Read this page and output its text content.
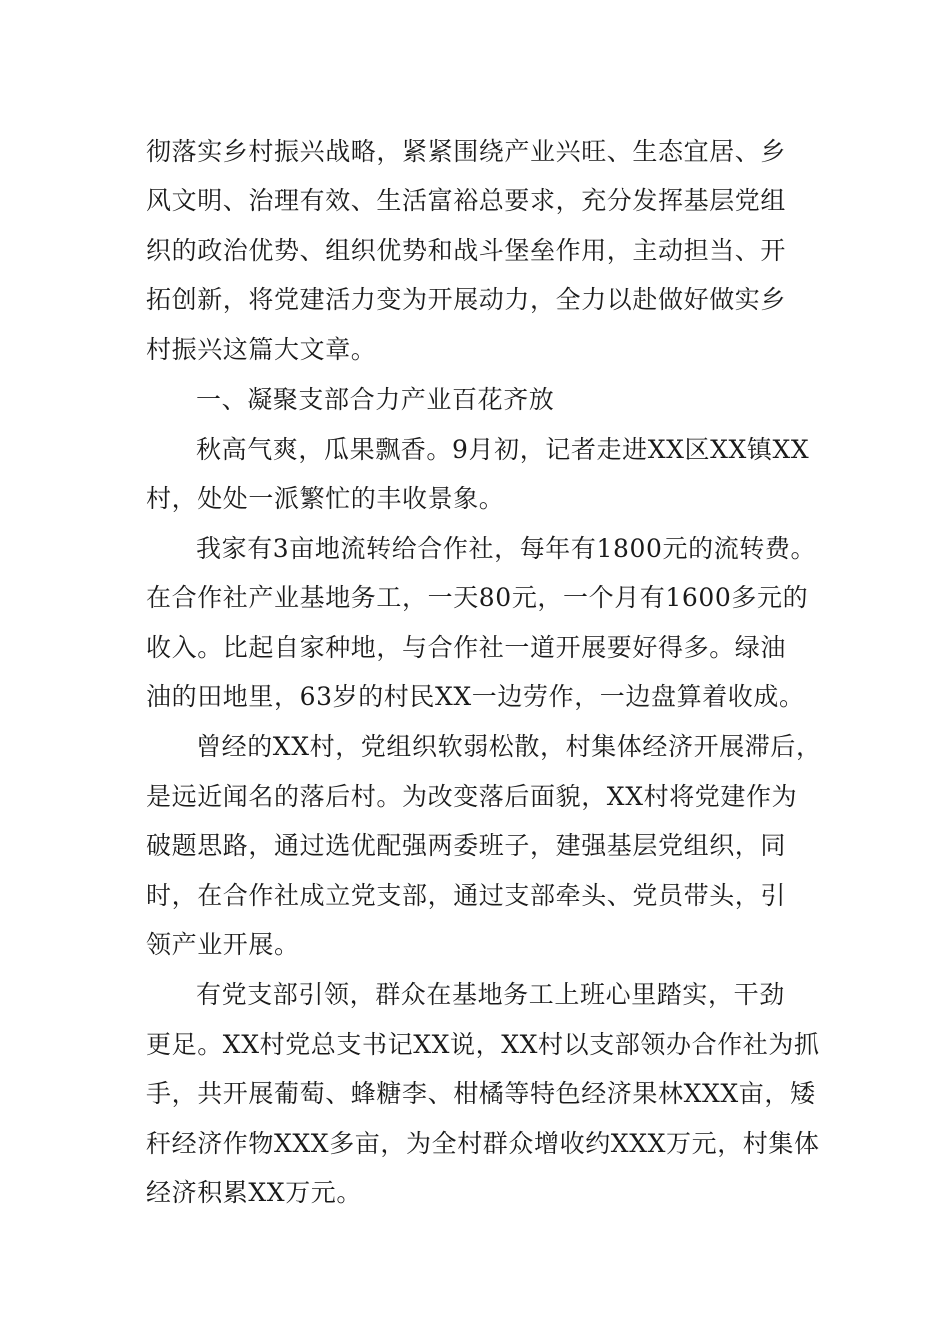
彻落实乡村振兴战略，紧紧围绕产业兴旺、生态宜居、乡
风文明、治理有效、生活富裕总要求，充分发挥基层党组
织的政治优势、组织优势和战斗堡垒作用，主动担当、开
拓创新，将党建活力变为开展动力，全力以赴做好做实乡
村振兴这篇大文章。
一、凝聚支部合力产业百花齐放
秋高气爽，瓜果飘香。9月初，记者走进XX区XX镇XX
村，处处一派繁忙的丰收景象。
我家有3亩地流转给合作社，每年有1800元的流转费。
在合作社产业基地务工，一天80元，一个月有1600多元的
收入。比起自家种地，与合作社一道开展要好得多。绿油
油的田地里，63岁的村民XX一边劳作，一边盘算着收成。
曾经的XX村，党组织软弱松散，村集体经济开展滞后，
是远近闻名的落后村。为改变落后面貌，XX村将党建作为
破题思路，通过选优配强两委班子，建强基层党组织，同
时，在合作社成立党支部，通过支部牵头、党员带头，引
领产业开展。
有党支部引领，群众在基地务工上班心里踏实，干劲
更足。XX村党总支书记XX说，XX村以支部领办合作社为抓
手，共开展葡萄、蜂糖李、柑橘等特色经济果林XXX亩，矮
秆经济作物XXX多亩，为全村群众增收约XXX万元，村集体
经济积累XX万元。
